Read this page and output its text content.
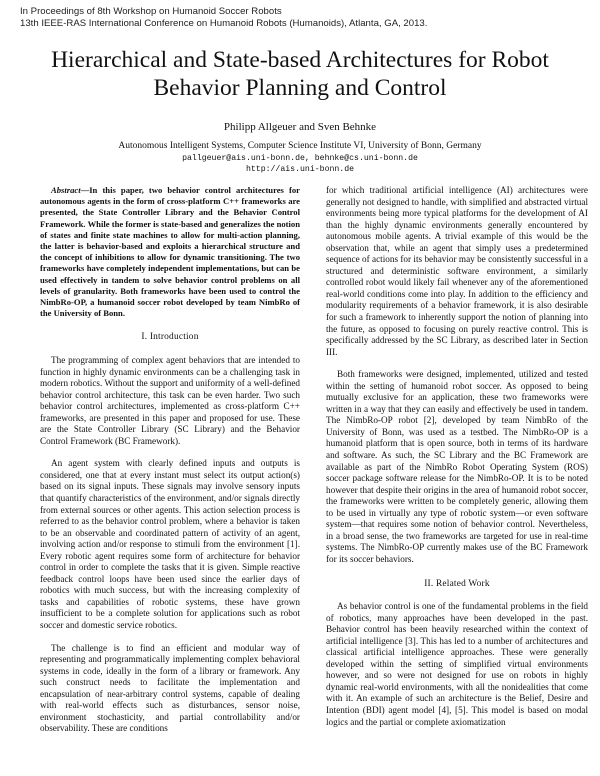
In Proceedings of 8th Workshop on Humanoid Soccer Robots
13th IEEE-RAS International Conference on Humanoid Robots (Humanoids), Atlanta, GA, 2013.
Hierarchical and State-based Architectures for Robot
Behavior Planning and Control
Philipp Allgeuer and Sven Behnke
Autonomous Intelligent Systems, Computer Science Institute VI, University of Bonn, Germany
pallgeuer@ais.uni-bonn.de, behnke@cs.uni-bonn.de
http://ais.uni-bonn.de

Abstract—In this paper, two behavior control architectures for autonomous agents in the form of cross-platform C++ frameworks are presented, the State Controller Library and the Behavior Control Framework. While the former is state-based and generalizes the notion of states and finite state machines to allow for multi-action planning, the latter is behavior-based and exploits a hierarchical structure and the concept of inhibitions to allow for dynamic transitioning. The two frameworks have completely independent implementations, but can be used effectively in tandem to solve behavior control problems on all levels of granularity. Both frameworks have been used to control the NimbRo-OP, a humanoid soccer robot developed by team NimbRo of the University of Bonn.

I. Introduction

The programming of complex agent behaviors that are intended to function in highly dynamic environments can be a challenging task in modern robotics. Without the support and uniformity of a well-defined behavior control architecture, this task can be even harder. Two such behavior control architectures, implemented as cross-platform C++ frameworks, are presented in this paper and proposed for use. These are the State Controller Library (SC Library) and the Behavior Control Framework (BC Framework).

An agent system with clearly defined inputs and outputs is considered, one that at every instant must select its output action(s) based on its signal inputs. These signals may involve sensory inputs that quantify characteristics of the environment, and/or signals directly from external sources or other agents. This action selection process is referred to as the behavior control problem, where a behavior is taken to be an observable and coordinated pattern of activity of an agent, involving action and/or response to stimuli from the environment [1]. Every robotic agent requires some form of architecture for behavior control in order to complete the tasks that it is given. Simple reactive feedback control loops have been used since the earlier days of robotics with much success, but with the increasing complexity of tasks and capabilities of robotic systems, these have grown insufficient to be a complete solution for applications such as robot soccer and domestic service robotics.

The challenge is to find an efficient and modular way of representing and programmatically implementing complex behavioral systems in code, ideally in the form of a library or framework. Any such construct needs to facilitate the implementation and encapsulation of near-arbitrary control systems, capable of dealing with real-world effects such as disturbances, sensor noise, environment stochasticity, and partial controllability and/or observability. These are conditions

for which traditional artificial intelligence (AI) architectures were generally not designed to handle, with simplified and abstracted virtual environments being more typical platforms for the development of AI than the highly dynamic environments generally encountered by autonomous mobile agents. A trivial example of this would be the observation that, while an agent that simply uses a predetermined sequence of actions for its behavior may be consistently successful in a structured and deterministic software environment, a similarly controlled robot would likely fail whenever any of the aforementioned real-world conditions come into play. In addition to the efficiency and modularity requirements of a behavior framework, it is also desirable for such a framework to inherently support the notion of planning into the future, as opposed to focusing on purely reactive control. This is specifically addressed by the SC Library, as described later in Section III.

Both frameworks were designed, implemented, utilized and tested within the setting of humanoid robot soccer. As opposed to being mutually exclusive for an application, these two frameworks were written in a way that they can easily and effectively be used in tandem. The NimbRo-OP robot [2], developed by team NimbRo of the University of Bonn, was used as a testbed. The NimbRo-OP is a humanoid platform that is open source, both in terms of its hardware and software. As such, the SC Library and the BC Framework are available as part of the NimbRo Robot Operating System (ROS) soccer package software release for the NimbRo-OP. It is to be noted however that despite their origins in the area of humanoid robot soccer, the frameworks were written to be completely generic, allowing them to be used in virtually any type of robotic system—or even software system—that requires some notion of behavior control. Nevertheless, in a broad sense, the two frameworks are targeted for use in real-time systems. The NimbRo-OP currently makes use of the BC Framework for its soccer behaviors.

II. Related Work

As behavior control is one of the fundamental problems in the field of robotics, many approaches have been developed in the past. Behavior control has been heavily researched within the context of artificial intelligence [3]. This has led to a number of architectures and classical artificial intelligence approaches. These were generally developed within the setting of simplified virtual environments however, and so were not designed for use on robots in highly dynamic real-world environments, with all the nonidealities that come with it. An example of such an architecture is the Belief, Desire and Intention (BDI) agent model [4], [5]. This model is based on modal logics and the partial or complete axiomatization
